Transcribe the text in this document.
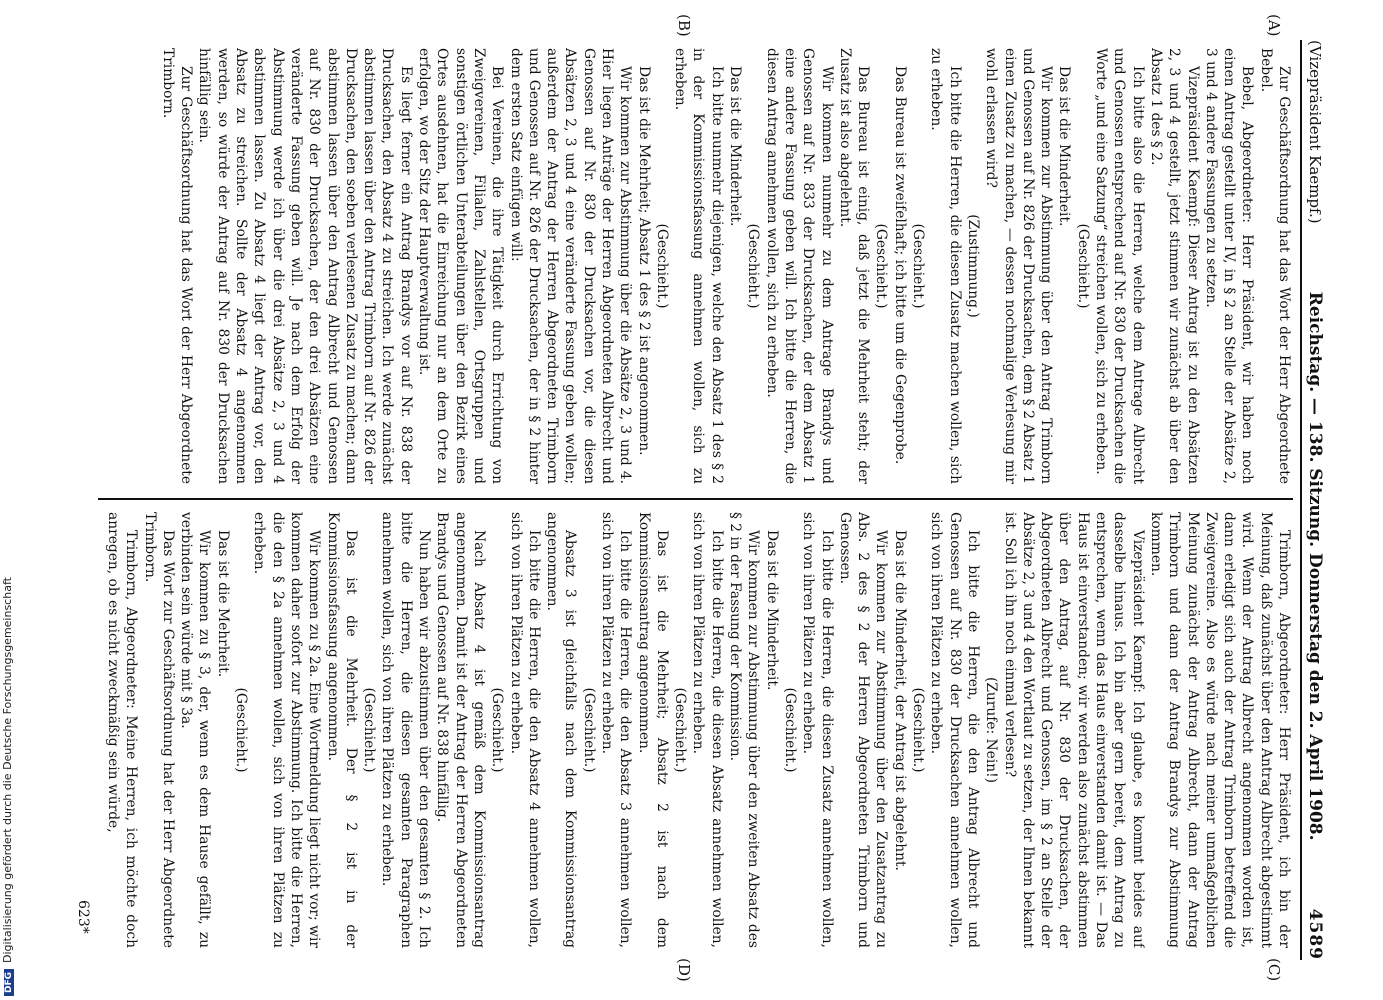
(Vizepräsident Kaempf.)
Reichstag. — 138. Sitzung. Donnerstag den 2. April 1908.
4589
(A)
(B)
(C)
(D)

Zur Geschäftsordnung hat das Wort der Herr Abgeordnete Bebel.

Bebel, Abgeordneter: Herr Präsident, wir haben noch einen Antrag gestellt unter IV, in § 2 an Stelle der Absätze 2, 3 und 4 andere Fassungen zu setzen.

Vizepräsident Kaempf: Dieser Antrag ist zu den Absätzen 2, 3 und 4 gestellt, jetzt stimmen wir zunächst ab über den Absatz 1 des § 2.

Ich bitte also die Herren, welche dem Antrage Albrecht und Genossen entsprechend auf Nr. 830 der Drucksachen die Worte „und eine Satzung“ streichen wollen, sich zu erheben.

(Geschieht.)

Das ist die Minderheit.

Wir kommen zur Abstimmung über den Antrag Trimborn und Genossen auf Nr. 826 der Drucksachen, dem § 2 Absatz 1 einen Zusatz zu machen, — dessen nochmalige Verlesung mir wohl erlassen wird?

(Zustimmung.)

Ich bitte die Herren, die diesen Zusatz machen wollen, sich zu erheben.

(Geschieht.)

Das Bureau ist zweifelhaft; ich bitte um die Gegenprobe.

(Geschieht.)

Das Bureau ist einig, daß jetzt die Mehrheit steht; der Zusatz ist also abgelehnt.

Wir kommen nunmehr zu dem Antrage Brandys und Genossen auf Nr. 833 der Drucksachen, der dem Absatz 1 eine andere Fassung geben will. Ich bitte die Herren, die diesen Antrag annehmen wollen, sich zu erheben.

(Geschieht.)

Das ist die Minderheit.

Ich bitte nunmehr diejenigen, welche den Absatz 1 des § 2 in der Kommissionsfassung annehmen wollen, sich zu erheben.

(Geschieht.)

Das ist die Mehrheit; Absatz 1 des § 2 ist angenommen.

Wir kommen zur Abstimmung über die Absätze 2, 3 und 4. Hier liegen Anträge der Herren Abgeordneten Albrecht und Genossen auf Nr. 830 der Drucksachen vor, die diesen Absätzen 2, 3 und 4 eine veränderte Fassung geben wollen; außerdem der Antrag der Herren Abgeordneten Trimborn und Genossen auf Nr. 826 der Drucksachen, der in § 2 hinter dem ersten Satz einfügen will:

Bei Vereinen, die ihre Tätigkeit durch Errichtung von Zweigvereinen, Filialen, Zahlstellen, Ortsgruppen und sonstigen örtlichen Unterabteilungen über den Bezirk eines Ortes ausdehnen, hat die Einreichung nur an dem Orte zu erfolgen, wo der Sitz der Hauptverwaltung ist.

Es liegt ferner ein Antrag Brandys vor auf Nr. 838 der Drucksachen, den Absatz 4 zu streichen. Ich werde zunächst abstimmen lassen über den Antrag Trimborn auf Nr. 826 der Drucksachen, den soeben verlesenen Zusatz zu machen; dann abstimmen lassen über den Antrag Albrecht und Genossen auf Nr. 830 der Drucksachen, der den drei Absätzen eine veränderte Fassung geben will. Je nach dem Erfolg der Abstimmung werde ich über die drei Absätze 2, 3 und 4 abstimmen lassen. Zu Absatz 4 liegt der Antrag vor, den Absatz zu streichen. Sollte der Absatz 4 angenommen werden, so würde der Antrag auf Nr. 830 der Drucksachen hinfällig sein.

Zur Geschäftsordnung hat das Wort der Herr Abgeordnete Trimborn.

Trimborn, Abgeordneter: Herr Präsident, ich bin der Meinung, daß zunächst über den Antrag Albrecht abgestimmt wird. Wenn der Antrag Albrecht angenommen worden ist, dann erledigt sich auch der Antrag Trimborn betreffend die Zweigvereine. Also es würde nach meiner unmaßgeblichen Meinung zunächst der Antrag Albrecht, dann der Antrag Trimborn und dann der Antrag Brandys zur Abstimmung kommen.

Vizepräsident Kaempf: Ich glaube, es kommt beides auf dasselbe hinaus. Ich bin aber gern bereit, dem Antrag zu entsprechen, wenn das Haus einverstanden damit ist. — Das Haus ist einverstanden; wir werden also zunächst abstimmen über den Antrag, auf Nr. 830 der Drucksachen, der Abgeordneten Albrecht und Genossen, im § 2 an Stelle der Absätze 2, 3 und 4 den Wortlaut zu setzen, der Ihnen bekannt ist. Soll ich ihn noch einmal verlesen?

(Zurufe: Nein!)

Ich bitte die Herren, die den Antrag Albrecht und Genossen auf Nr. 830 der Drucksachen annehmen wollen, sich von ihren Plätzen zu erheben.

(Geschieht.)

Das ist die Minderheit, der Antrag ist abgelehnt.

Wir kommen zur Abstimmung über den Zusatzantrag zu Abs. 2 des § 2 der Herren Abgeordneten Trimborn und Genossen.

Ich bitte die Herren, die diesen Zusatz annehmen wollen, sich von ihren Plätzen zu erheben.

(Geschieht.)

Das ist die Minderheit.

Wir kommen zur Abstimmung über den zweiten Absatz des § 2 in der Fassung der Kommission.

Ich bitte die Herren, die diesen Absatz annehmen wollen, sich von ihren Plätzen zu erheben.

(Geschieht.)

Das ist die Mehrheit; Absatz 2 ist nach dem Kommissionsantrag angenommen.

Ich bitte die Herren, die den Absatz 3 annehmen wollen, sich von ihren Plätzen zu erheben.

(Geschieht.)

Absatz 3 ist gleichfalls nach dem Kommissionsantrag angenommen.

Ich bitte die Herren, die den Absatz 4 annehmen wollen, sich von ihren Plätzen zu erheben.

(Geschieht.)

Nach Absatz 4 ist gemäß dem Kommissionsantrag angenommen. Damit ist der Antrag der Herren Abgeordneten Brandys und Genossen auf Nr. 838 hinfällig.

Nun haben wir abzustimmen über den gesamten § 2. Ich bitte die Herren, die diesen gesamten Paragraphen annehmen wollen, sich von ihren Plätzen zu erheben.

(Geschieht.)

Das ist die Mehrheit. Der § 2 ist in der Kommissionsfassung angenommen.

Wir kommen zu § 2a. Eine Wortmeldung liegt nicht vor; wir kommen daher sofort zur Abstimmung. Ich bitte die Herren, die den § 2a annehmen wollen, sich von ihren Plätzen zu erheben.

(Geschieht.)

Das ist die Mehrheit.

Wir kommen zu § 3, der, wenn es dem Hause gefällt, zu verbinden sein würde mit § 3a.

Das Wort zur Geschäftsordnung hat der Herr Abgeordnete Trimborn.

Trimborn, Abgeordneter: Meine Herren, ich möchte doch anregen, ob es nicht zweckmäßig sein würde,

623*
DFGDigitalisierung gefördert durch die Deutsche Forschungsgemeinschaft
